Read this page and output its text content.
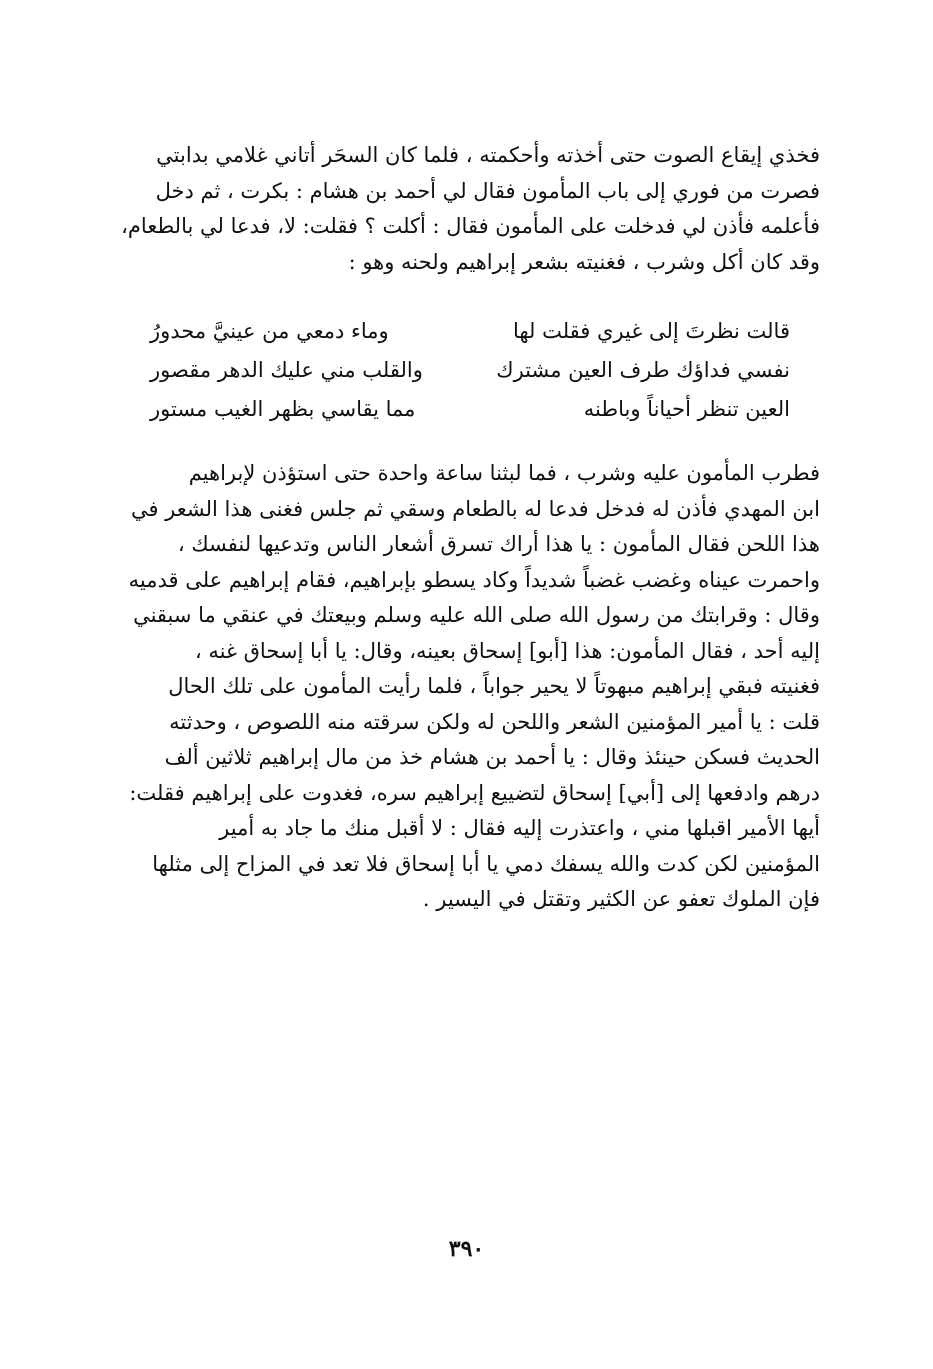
فخذي إيقاع الصوت حتى أخذته وأحكمته ، فلما كان السحَر أتاني غلامي بدابتي
فصرت من فوري إلى باب المأمون فقال لي أحمد بن هشام : بكرت ، ثم دخل
فأعلمه فأذن لي فدخلت على المأمون فقال : أكلت ؟ فقلت: لا، فدعا لي بالطعام،
وقد كان أكل وشرب ، فغنيته بشعر إبراهيم ولحنه وهو :
قالت نظرتَ إلى غيري فقلت لها
وماء دمعي من عينيَّ محدورُ
نفسي فداؤك طرف العين مشترك
والقلب مني عليك الدهر مقصور
العين تنظر أحياناً وباطنه
مما يقاسي بظهر الغيب مستور
فطرب المأمون عليه وشرب ، فما لبثنا ساعة واحدة حتى استؤذن لإبراهيم
ابن المهدي فأذن له فدخل فدعا له بالطعام وسقي ثم جلس فغنى هذا الشعر في
هذا اللحن فقال المأمون : يا هذا أراك تسرق أشعار الناس وتدعيها لنفسك ،
واحمرت عيناه وغضب غضباً شديداً وكاد يسطو بإبراهيم، فقام إبراهيم على قدميه
وقال : وقرابتك من رسول الله صلى الله عليه وسلم وبيعتك في عنقي ما سبقني
إليه أحد ، فقال المأمون: هذا [أبو] إسحاق بعينه، وقال: يا أبا إسحاق غنه ،
فغنيته فبقي إبراهيم مبهوتاً لا يحير جواباً ، فلما رأيت المأمون على تلك الحال
قلت : يا أمير المؤمنين الشعر واللحن له ولكن سرقته منه اللصوص ، وحدثته
الحديث فسكن حينئذ وقال : يا أحمد بن هشام خذ من مال إبراهيم ثلاثين ألف
درهم وادفعها إلى [أبي] إسحاق لتضييع إبراهيم سره، فغدوت على إبراهيم فقلت:
أيها الأمير اقبلها مني ، واعتذرت إليه فقال : لا أقبل منك ما جاد به أمير
المؤمنين لكن كدت والله يسفك دمي يا أبا إسحاق فلا تعد في المزاح إلى مثلها
فإن الملوك تعفو عن الكثير وتقتل في اليسير .
٣٩٠
